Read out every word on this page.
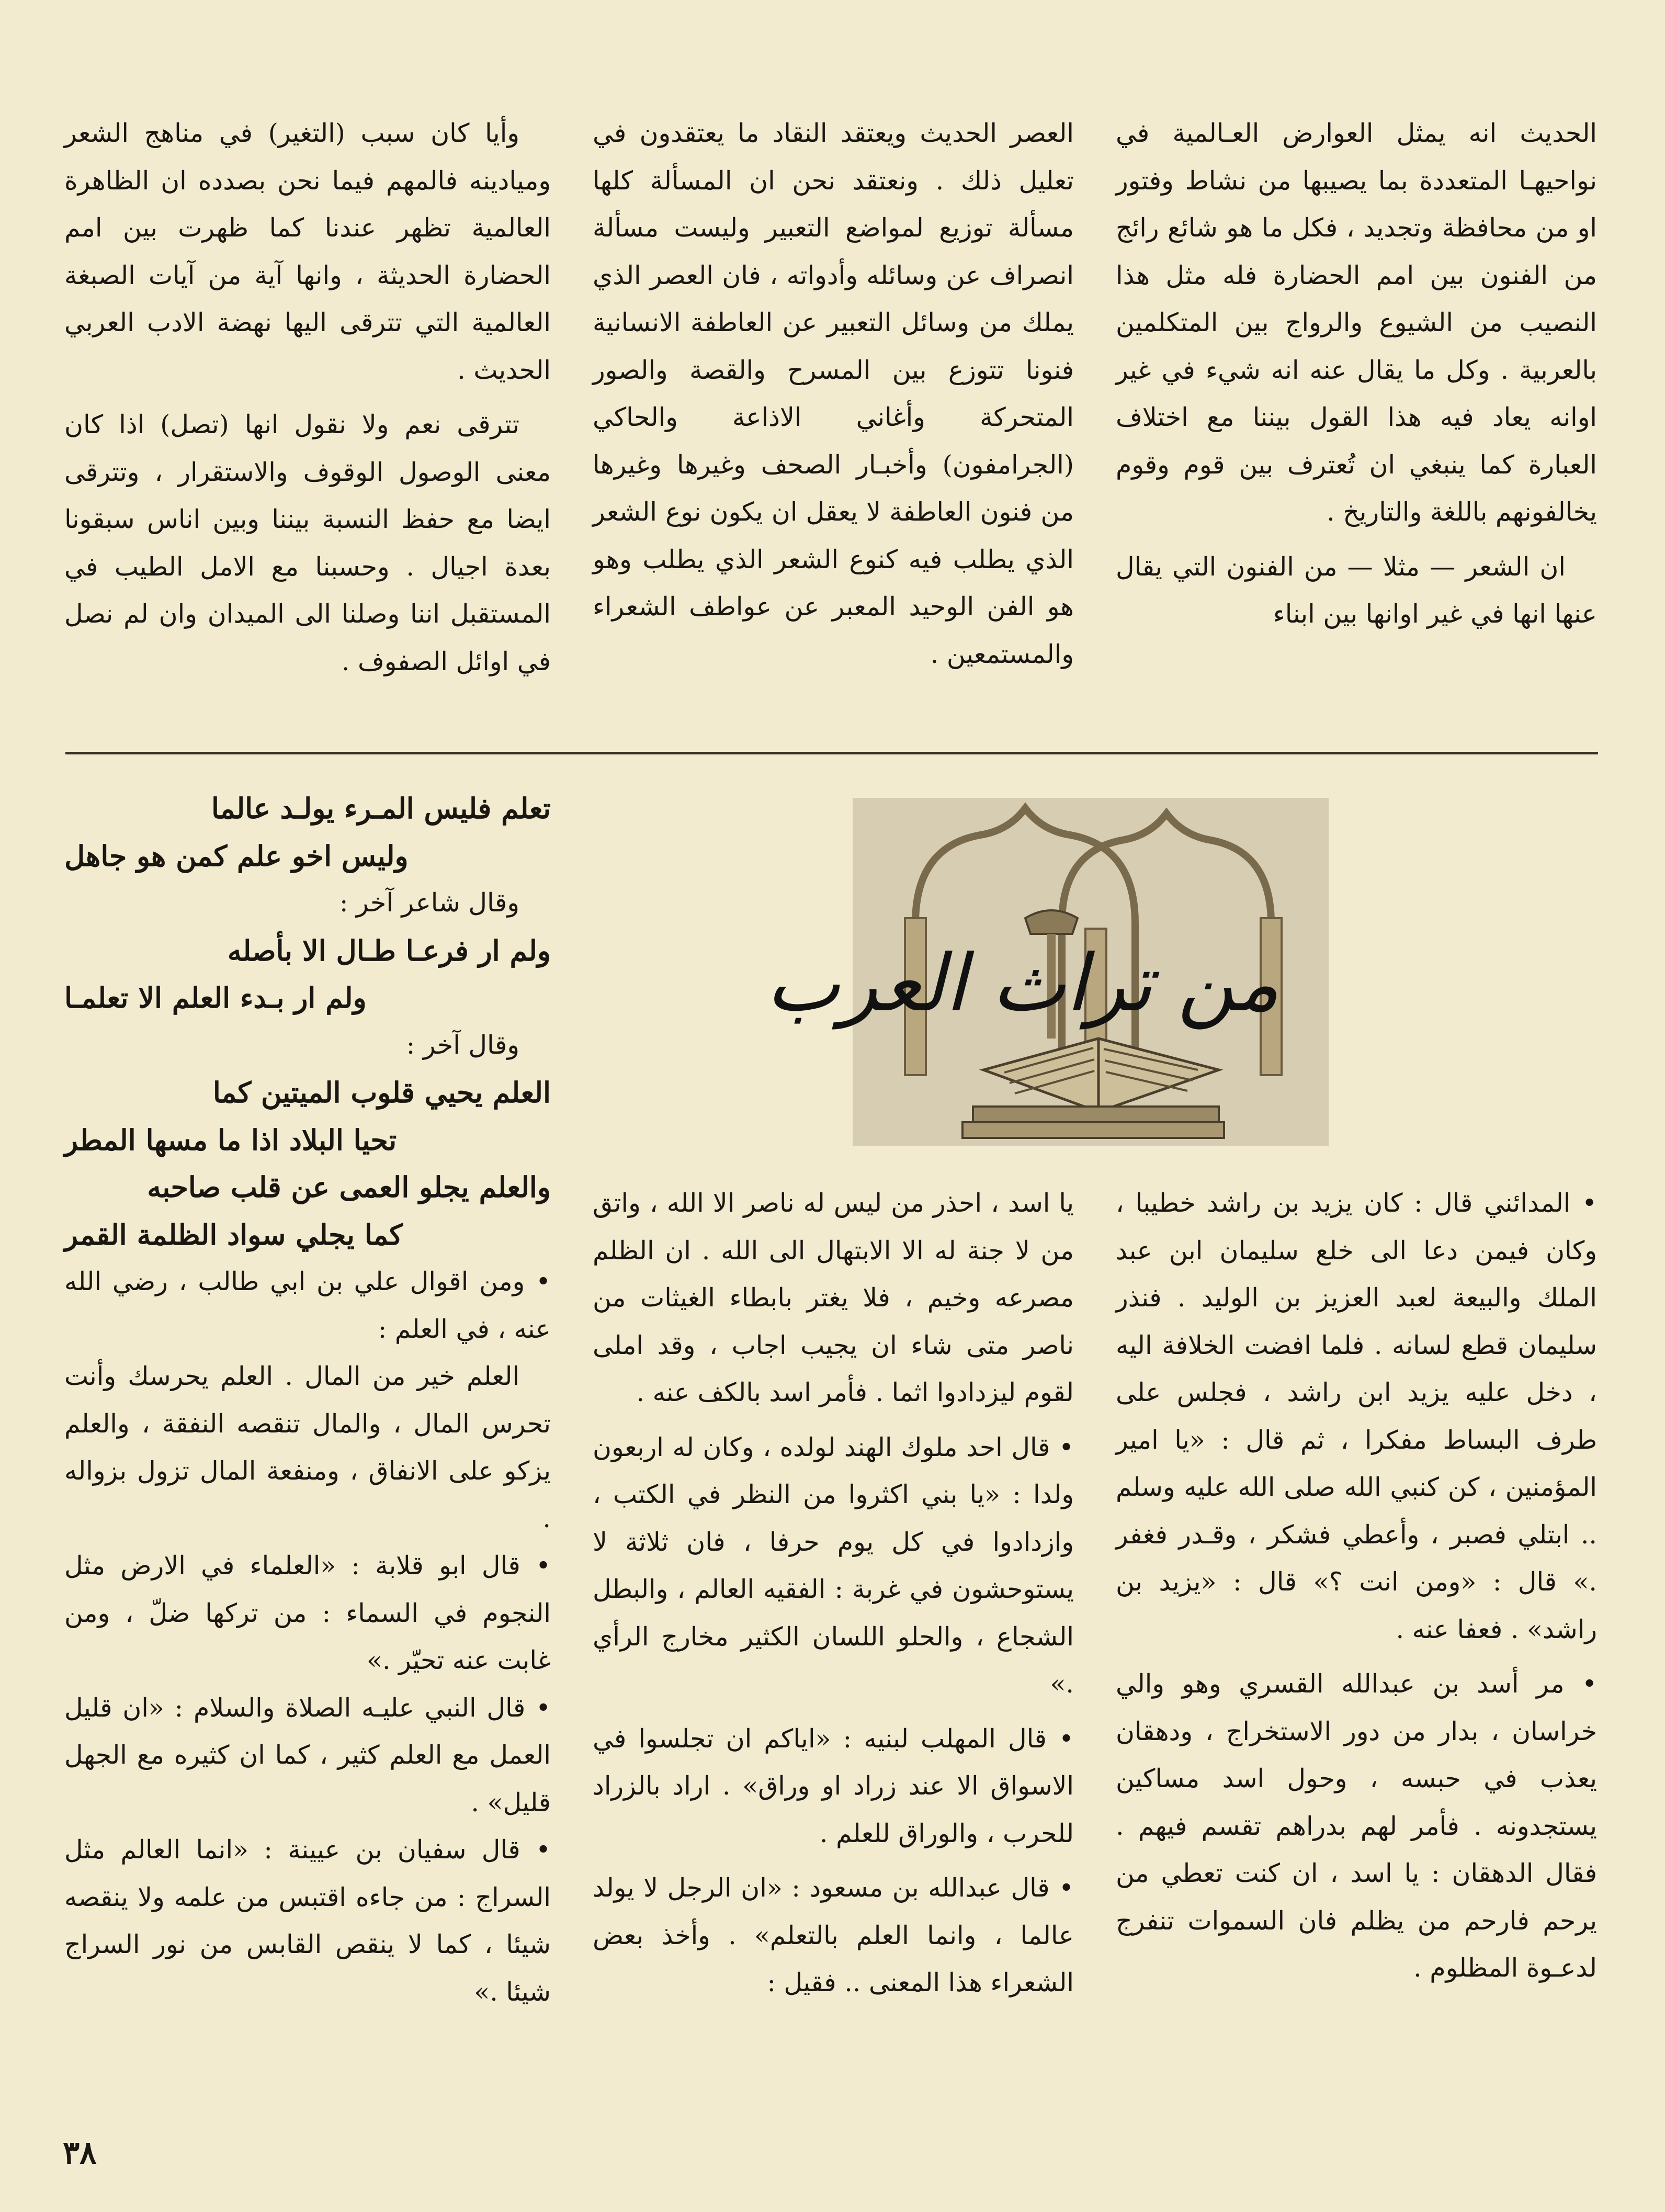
الحديث انه يمثل العوارض العـالمية في نواحيهـا المتعددة بما يصيبها من نشاط وفتور او من محافظة وتجديد ، فكل ما هو شائع رائج من الفنون بين امم الحضارة فله مثل هذا النصيب من الشيوع والرواج بين المتكلمين بالعربية . وكل ما يقال عنه انه شيء في غير اوانه يعاد فيه هذا القول بيننا مع اختلاف العبارة كما ينبغي ان تُعترف بين قوم وقوم يخالفونهم باللغة والتاريخ .

ان الشعر — مثلا — من الفنون التي يقال عنها انها في غير اوانها بين ابناء

العصر الحديث ويعتقد النقاد ما يعتقدون في تعليل ذلك . ونعتقد نحن ان المسألة كلها مسألة توزيع لمواضع التعبير وليست مسألة انصراف عن وسائله وأدواته ، فان العصر الذي يملك من وسائل التعبير عن العاطفة الانسانية فنونا تتوزع بين المسرح والقصة والصور المتحركة وأغاني الاذاعة والحاكي (الجرامفون) وأخبـار الصحف وغيرها وغيرها من فنون العاطفة لا يعقل ان يكون نوع الشعر الذي يطلب فيه كنوع الشعر الذي يطلب وهو هو الفن الوحيد المعبر عن عواطف الشعراء والمستمعين .

وأيا كان سبب (التغير) في مناهج الشعر وميادينه فالمهم فيما نحن بصدده ان الظاهرة العالمية تظهر عندنا كما ظهرت بين امم الحضارة الحديثة ، وانها آية من آيات الصبغة العالمية التي تترقى اليها نهضة الادب العربي الحديث .

تترقى نعم ولا نقول انها (تصل) اذا كان معنى الوصول الوقوف والاستقرار ، وتترقى ايضا مع حفظ النسبة بيننا وبين اناس سبقونا بعدة اجيال . وحسبنا مع الامل الطيب في المستقبل اننا وصلنا الى الميدان وان لم نصل في اوائل الصفوف .

من تراث العرب

• المدائني قال : كان يزيد بن راشد خطيبا ، وكان فيمن دعا الى خلع سليمان ابن عبد الملك والبيعة لعبد العزيز بن الوليد . فنذر سليمان قطع لسانه . فلما افضت الخلافة اليه ، دخل عليه يزيد ابن راشد ، فجلس على طرف البساط مفكرا ، ثم قال : «يا امير المؤمنين ، كن كنبي الله صلى الله عليه وسلم .. ابتلي فصبر ، وأعطي فشكر ، وقـدر فغفر .» قال : «ومن انت ؟» قال : «يزيد بن راشد» . فعفا عنه .

• مر أسد بن عبدالله القسري وهو والي خراسان ، بدار من دور الاستخراج ، ودهقان يعذب في حبسه ، وحول اسد مساكين يستجدونه . فأمر لهم بدراهم تقسم فيهم . فقال الدهقان : يا اسد ، ان كنت تعطي من يرحم فارحم من يظلم فان السموات تنفرج لدعـوة المظلوم .

يا اسد ، احذر من ليس له ناصر الا الله ، واتق من لا جنة له الا الابتهال الى الله . ان الظلم مصرعه وخيم ، فلا يغتر بابطاء الغيثات من ناصر متى شاء ان يجيب اجاب ، وقد املى لقوم ليزدادوا اثما . فأمر اسد بالكف عنه .

• قال احد ملوك الهند لولده ، وكان له اربعون ولدا : «يا بني اكثروا من النظر في الكتب ، وازدادوا في كل يوم حرفا ، فان ثلاثة لا يستوحشون في غربة : الفقيه العالم ، والبطل الشجاع ، والحلو اللسان الكثير مخارج الرأي .»

• قال المهلب لبنيه : «اياكم ان تجلسوا في الاسواق الا عند زراد او وراق» . اراد بالزراد للحرب ، والوراق للعلم .

• قال عبدالله بن مسعود : «ان الرجل لا يولد عالما ، وانما العلم بالتعلم» . وأخذ بعض الشعراء هذا المعنى .. فقيل :

تعلم فليس المـرء يولـد عالما

وليس اخو علم كمن هو جاهل

وقال شاعر آخر :

ولم ار فرعـا طـال الا بأصله

ولم ار بـدء العلم الا تعلمـا

وقال آخر :

العلم يحيي قلوب الميتين كما

تحيا البلاد اذا ما مسها المطر

والعلم يجلو العمى عن قلب صاحبه

كما يجلي سواد الظلمة القمر

• ومن اقوال علي بن ابي طالب ، رضي الله عنه ، في العلم :

العلم خير من المال . العلم يحرسك وأنت تحرس المال ، والمال تنقصه النفقة ، والعلم يزكو على الانفاق ، ومنفعة المال تزول بزواله .

• قال ابو قلابة : «العلماء في الارض مثل النجوم في السماء : من تركها ضلّ ، ومن غابت عنه تحيّر .»

• قال النبي عليـه الصلاة والسلام : «ان قليل العمل مع العلم كثير ، كما ان كثيره مع الجهل قليل» .

• قال سفيان بن عيينة : «انما العالم مثل السراج : من جاءه اقتبس من علمه ولا ينقصه شيئا ، كما لا ينقص القابس من نور السراج شيئا .»

٣٨
